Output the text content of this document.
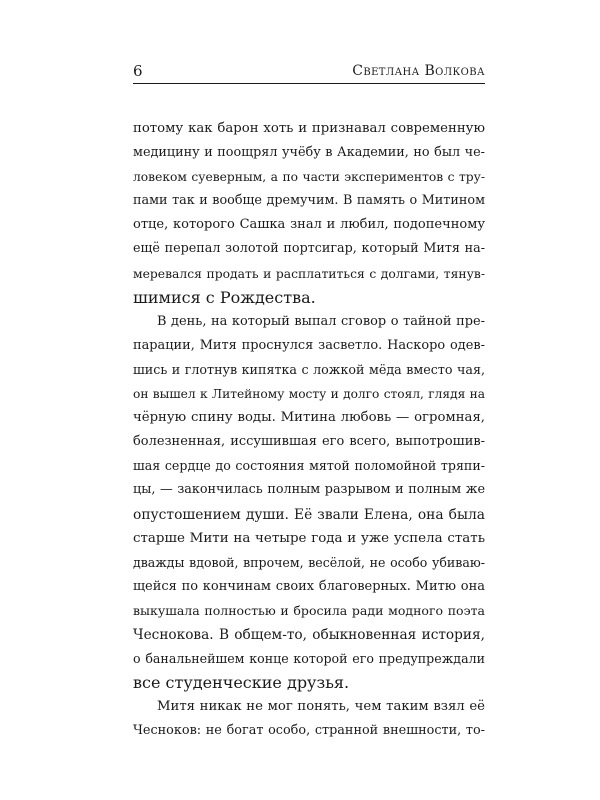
6	Светлана Волкова
потому как барон хоть и признавал современную
медицину и поощрял учёбу в Академии, но был че-
ловеком суеверным, а по части экспериментов с тру-
пами так и вообще дремучим. В память о Митином
отце, которого Сашка знал и любил, подопечному
ещё перепал золотой портсигар, который Митя на-
меревался продать и расплатиться с долгами, тянув-
шимися с Рождества.
В день, на который выпал сговор о тайной пре-
парации, Митя проснулся засветло. Наскоро одев-
шись и глотнув кипятка с ложкой мёда вместо чая,
он вышел к Литейному мосту и долго стоял, глядя на
чёрную спину воды. Митина любовь — огромная,
болезненная, иссушившая его всего, выпотрошив-
шая сердце до состояния мятой поломойной тряпи-
цы, — закончилась полным разрывом и полным же
опустошением души. Её звали Елена, она была
старше Мити на четыре года и уже успела стать
дважды вдовой, впрочем, весёлой, не особо убиваю-
щейся по кончинам своих благоверных. Митю она
выкушала полностью и бросила ради модного поэта
Чеснокова. В общем-то, обыкновенная история,
о банальнейшем конце которой его предупреждали
все студенческие друзья.
Митя никак не мог понять, чем таким взял её
Чесноков: не богат особо, странной внешности, то-
